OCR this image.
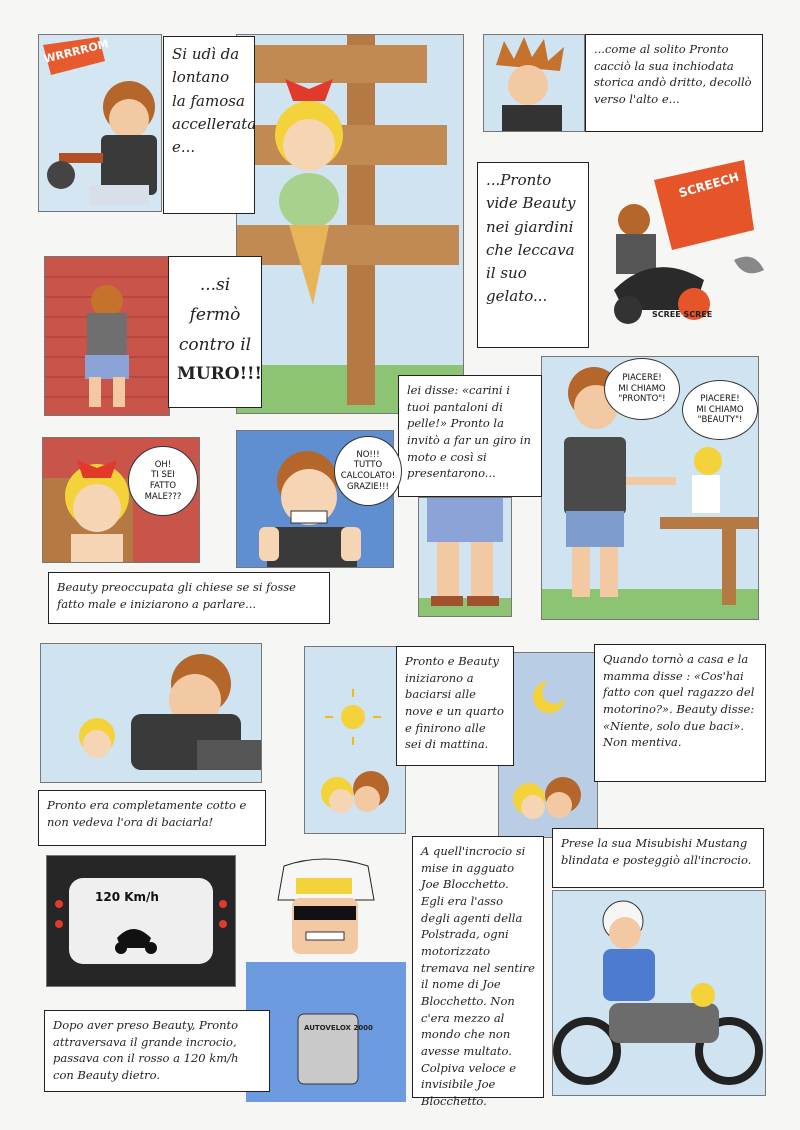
WRRRROM	Si udì da lontano la famosa accellerata e...
...come al solito Pronto cacciò la sua inchiodata storica andò dritto, decollò verso l'alto e...
...Pronto vide Beauty nei giardini che leccava il suo gelato...
SCREECH
SCREE SCREE
...si fermò contro il
MURO!!!
lei disse: «carini i tuoi pantaloni di pelle!» Pronto la invitò a far un giro in moto e così si presentarono...
PIACERE!
MI CHIAMO
"PRONTO"!	PIACERE!
MI CHIAMO
"BEAUTY"!
OH!
TI SEI
FATTO
MALE???
NO!!!
TUTTO
CALCOLATO!
GRAZIE!!!
Beauty preoccupata gli chiese se si fosse fatto male e iniziarono a parlare...
Pronto era completamente cotto e non vedeva l'ora di baciarla!
Pronto e Beauty iniziarono a baciarsi alle nove e un quarto e finirono alle sei di mattina.
Quando tornò a casa e la mamma disse : «Cos'hai fatto con quel ragazzo del motorino?». Beauty disse: «Niente, solo due baci». Non mentiva.
Prese la sua Misubishi Mustang blindata e posteggiò all'incrocio.
120 Km/h
AUTOVELOX 2000
A quell'incrocio si mise in agguato Joe Blocchetto. Egli era l'asso degli agenti della Polstrada, ogni motorizzato tremava nel sentire il nome di Joe Blocchetto. Non c'era mezzo al mondo che non avesse multato. Colpiva veloce e invisibile Joe Blocchetto.
Dopo aver preso Beauty, Pronto attraversava il grande incrocio, passava con il rosso a 120 km/h con Beauty dietro.
